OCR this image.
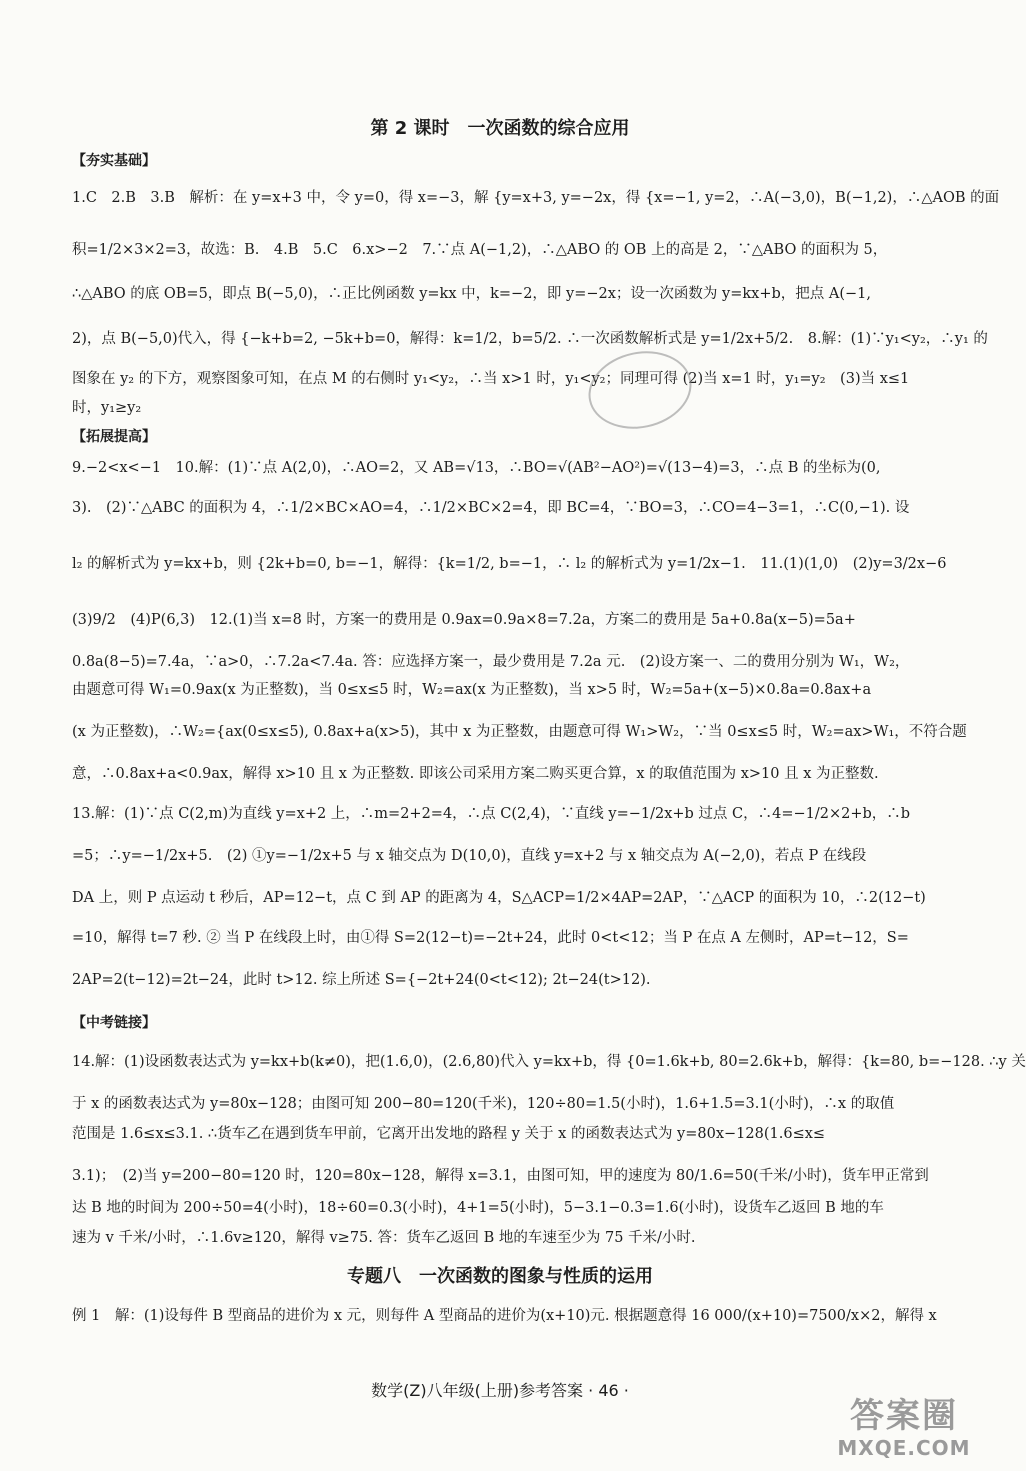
第 2 课时　一次函数的综合应用
【夯实基础】
1.C　2.B　3.B　解析：在 y=x+3 中，令 y=0，得 x=−3，解 {y=x+3, y=−2x，得 {x=−1, y=2，∴A(−3,0)，B(−1,2)，∴△AOB 的面
积=1/2×3×2=3，故选：B.　4.B　5.C　6.x>−2　7.∵点 A(−1,2)，∴△ABO 的 OB 上的高是 2，∵△ABO 的面积为 5，
∴△ABO 的底 OB=5，即点 B(−5,0)，∴正比例函数 y=kx 中，k=−2，即 y=−2x；设一次函数为 y=kx+b，把点 A(−1,
2)，点 B(−5,0)代入，得 {−k+b=2, −5k+b=0，解得：k=1/2，b=5/2. ∴一次函数解析式是 y=1/2x+5/2.　8.解：(1)∵y₁<y₂，∴y₁ 的
图象在 y₂ 的下方，观察图象可知，在点 M 的右侧时 y₁<y₂，∴当 x>1 时，y₁<y₂；同理可得 (2)当 x=1 时，y₁=y₂　(3)当 x≤1
时，y₁≥y₂
【拓展提高】
9.−2<x<−1　10.解：(1)∵点 A(2,0)，∴AO=2，又 AB=√13，∴BO=√(AB²−AO²)=√(13−4)=3，∴点 B 的坐标为(0,
3).　(2)∵△ABC 的面积为 4，∴1/2×BC×AO=4，∴1/2×BC×2=4，即 BC=4，∵BO=3，∴CO=4−3=1，∴C(0,−1). 设
l₂ 的解析式为 y=kx+b，则 {2k+b=0, b=−1，解得：{k=1/2, b=−1，∴ l₂ 的解析式为 y=1/2x−1.　11.(1)(1,0)　(2)y=3/2x−6
(3)9/2　(4)P(6,3)　12.(1)当 x=8 时，方案一的费用是 0.9ax=0.9a×8=7.2a，方案二的费用是 5a+0.8a(x−5)=5a+
0.8a(8−5)=7.4a，∵a>0，∴7.2a<7.4a. 答：应选择方案一，最少费用是 7.2a 元.　(2)设方案一、二的费用分别为 W₁，W₂，
由题意可得 W₁=0.9ax(x 为正整数)，当 0≤x≤5 时，W₂=ax(x 为正整数)，当 x>5 时，W₂=5a+(x−5)×0.8a=0.8ax+a
(x 为正整数)，∴W₂={ax(0≤x≤5), 0.8ax+a(x>5)，其中 x 为正整数，由题意可得 W₁>W₂，∵当 0≤x≤5 时，W₂=ax>W₁，不符合题
意，∴0.8ax+a<0.9ax，解得 x>10 且 x 为正整数. 即该公司采用方案二购买更合算，x 的取值范围为 x>10 且 x 为正整数.
13.解：(1)∵点 C(2,m)为直线 y=x+2 上，∴m=2+2=4，∴点 C(2,4)，∵直线 y=−1/2x+b 过点 C，∴4=−1/2×2+b，∴b
=5；∴y=−1/2x+5.　(2) ①y=−1/2x+5 与 x 轴交点为 D(10,0)，直线 y=x+2 与 x 轴交点为 A(−2,0)，若点 P 在线段
DA 上，则 P 点运动 t 秒后，AP=12−t，点 C 到 AP 的距离为 4，S△ACP=1/2×4AP=2AP，∵△ACP 的面积为 10，∴2(12−t)
=10，解得 t=7 秒. ② 当 P 在线段上时，由①得 S=2(12−t)=−2t+24，此时 0<t<12；当 P 在点 A 左侧时，AP=t−12，S=
2AP=2(t−12)=2t−24，此时 t>12. 综上所述 S={−2t+24(0<t<12); 2t−24(t>12).
【中考链接】
14.解：(1)设函数表达式为 y=kx+b(k≠0)，把(1.6,0)，(2.6,80)代入 y=kx+b，得 {0=1.6k+b, 80=2.6k+b，解得：{k=80, b=−128. ∴y 关
于 x 的函数表达式为 y=80x−128；由图可知 200−80=120(千米)，120÷80=1.5(小时)，1.6+1.5=3.1(小时)，∴x 的取值
范围是 1.6≤x≤3.1. ∴货车乙在遇到货车甲前，它离开出发地的路程 y 关于 x 的函数表达式为 y=80x−128(1.6≤x≤
3.1)；　(2)当 y=200−80=120 时，120=80x−128，解得 x=3.1，由图可知，甲的速度为 80/1.6=50(千米/小时)，货车甲正常到
达 B 地的时间为 200÷50=4(小时)，18÷60=0.3(小时)，4+1=5(小时)，5−3.1−0.3=1.6(小时)，设货车乙返回 B 地的车
速为 v 千米/小时，∴1.6v≥120，解得 v≥75. 答：货车乙返回 B 地的车速至少为 75 千米/小时.
专题八　一次函数的图象与性质的运用
例 1　解：(1)设每件 B 型商品的进价为 x 元，则每件 A 型商品的进价为(x+10)元. 根据题意得 16 000/(x+10)=7500/x×2，解得 x
数学(Z)八年级(上册)参考答案 · 46 ·
答案圈
MXQE.COM
